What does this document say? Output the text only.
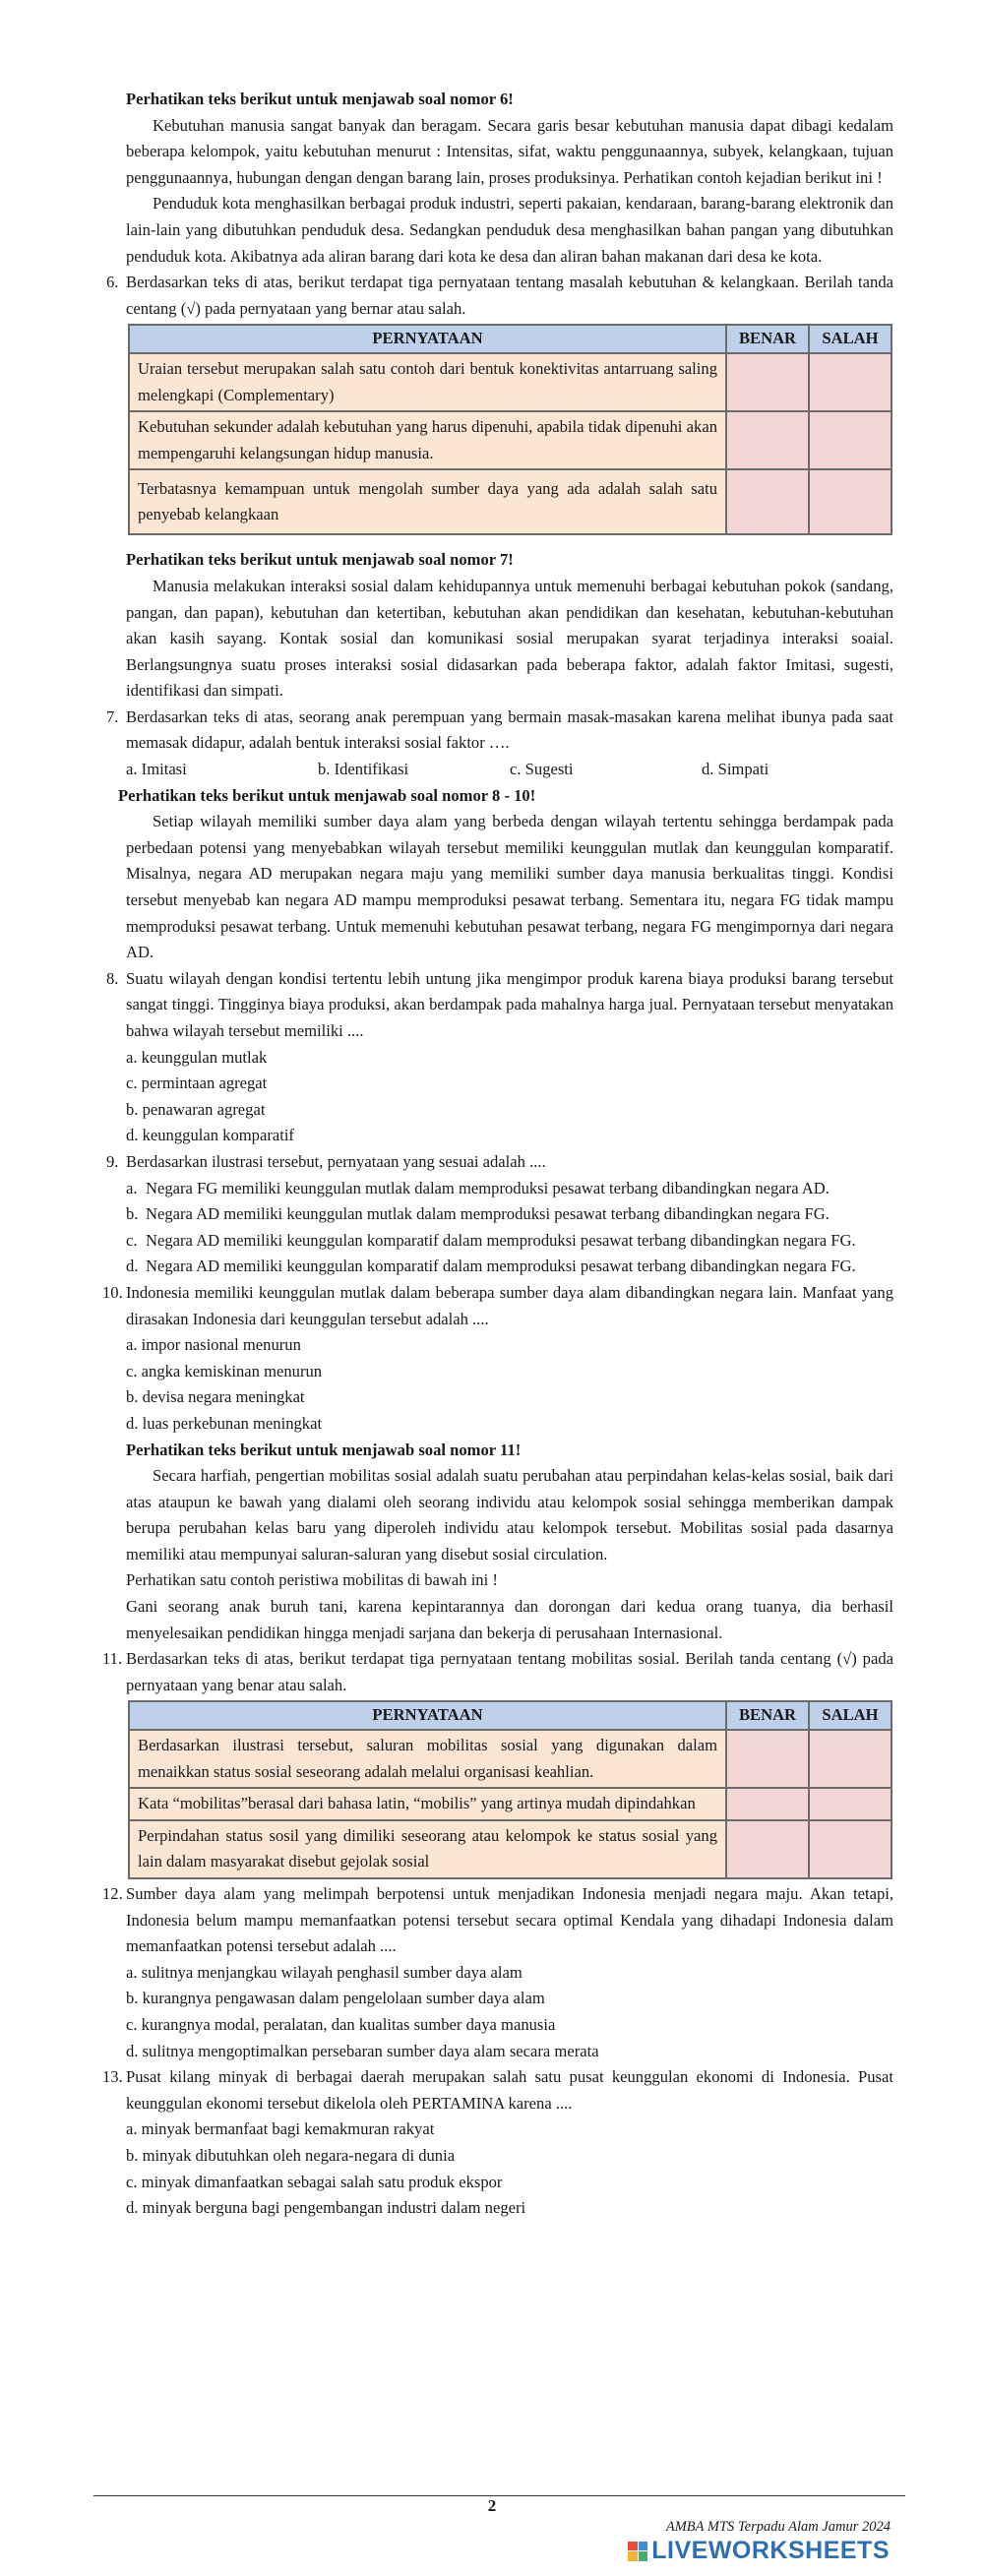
Perhatikan teks berikut untuk menjawab soal nomor 6!
Kebutuhan manusia sangat banyak dan beragam. Secara garis besar kebutuhan manusia dapat dibagi kedalam beberapa kelompok, yaitu kebutuhan menurut : Intensitas, sifat, waktu penggunaannya, subyek, kelangkaan, tujuan penggunaannya, hubungan dengan dengan barang lain, proses produksinya. Perhatikan contoh kejadian berikut ini !
Penduduk kota menghasilkan berbagai produk industri, seperti pakaian, kendaraan, barang-barang elektronik dan lain-lain yang dibutuhkan penduduk desa. Sedangkan penduduk desa menghasilkan bahan pangan yang dibutuhkan penduduk kota. Akibatnya ada aliran barang dari kota ke desa dan aliran bahan makanan dari desa ke kota.
6. Berdasarkan teks di atas, berikut terdapat tiga pernyataan tentang masalah kebutuhan & kelangkaan. Berilah tanda centang (√) pada pernyataan yang bernar atau salah.
PERNYATAAN	BENAR	SALAH
Uraian tersebut merupakan salah satu contoh dari bentuk konektivitas antarruang saling melengkapi (Complementary)		
Kebutuhan sekunder adalah kebutuhan yang harus dipenuhi, apabila tidak dipenuhi akan mempengaruhi kelangsungan hidup manusia.		
Terbatasnya kemampuan untuk mengolah sumber daya yang ada adalah salah satu penyebab kelangkaan		
Perhatikan teks berikut untuk menjawab soal nomor 7!
Manusia melakukan interaksi sosial dalam kehidupannya untuk memenuhi berbagai kebutuhan pokok (sandang, pangan, dan papan), kebutuhan dan ketertiban, kebutuhan akan pendidikan dan kesehatan, kebutuhan-kebutuhan akan kasih sayang. Kontak sosial dan komunikasi sosial merupakan syarat terjadinya interaksi soaial. Berlangsungnya suatu proses interaksi sosial didasarkan pada beberapa faktor, adalah faktor Imitasi, sugesti, identifikasi dan simpati.
7. Berdasarkan teks di atas, seorang anak perempuan yang bermain masak-masakan karena melihat ibunya pada saat memasak didapur, adalah bentuk interaksi sosial faktor ….
a. Imitasi	b. Identifikasi	c. Sugesti	d. Simpati
Perhatikan teks berikut untuk menjawab soal nomor 8 - 10!
Setiap wilayah memiliki sumber daya alam yang berbeda dengan wilayah tertentu sehingga berdampak pada perbedaan potensi yang menyebabkan wilayah tersebut memiliki keunggulan mutlak dan keunggulan komparatif. Misalnya, negara AD merupakan negara maju yang memiliki sumber daya manusia berkualitas tinggi. Kondisi tersebut menyebab kan negara AD mampu memproduksi pesawat terbang. Sementara itu, negara FG tidak mampu memproduksi pesawat terbang. Untuk memenuhi kebutuhan pesawat terbang, negara FG mengimpornya dari negara AD.
8. Suatu wilayah dengan kondisi tertentu lebih untung jika mengimpor produk karena biaya produksi barang tersebut sangat tinggi. Tingginya biaya produksi, akan berdampak pada mahalnya harga jual. Pernyataan tersebut menyatakan bahwa wilayah tersebut memiliki ....
a. keunggulan mutlak
c. permintaan agregat
b. penawaran agregat
d. keunggulan komparatif
9. Berdasarkan ilustrasi tersebut, pernyataan yang sesuai adalah ....
a. Negara FG memiliki keunggulan mutlak dalam memproduksi pesawat terbang dibandingkan negara AD.
b. Negara AD memiliki keunggulan mutlak dalam memproduksi pesawat terbang dibandingkan negara FG.
c. Negara AD memiliki keunggulan komparatif dalam memproduksi pesawat terbang dibandingkan negara FG.
d. Negara AD memiliki keunggulan komparatif dalam memproduksi pesawat terbang dibandingkan negara FG.
10. Indonesia memiliki keunggulan mutlak dalam beberapa sumber daya alam dibandingkan negara lain. Manfaat yang dirasakan Indonesia dari keunggulan tersebut adalah ....
a. impor nasional menurun
c. angka kemiskinan menurun
b. devisa negara meningkat
d. luas perkebunan meningkat
Perhatikan teks berikut untuk menjawab soal nomor 11!
Secara harfiah, pengertian mobilitas sosial adalah suatu perubahan atau perpindahan kelas-kelas sosial, baik dari atas ataupun ke bawah yang dialami oleh seorang individu atau kelompok sosial sehingga memberikan dampak berupa perubahan kelas baru yang diperoleh individu atau kelompok tersebut. Mobilitas sosial pada dasarnya memiliki atau mempunyai saluran-saluran yang disebut sosial circulation.
Perhatikan satu contoh peristiwa mobilitas di bawah ini !
Gani seorang anak buruh tani, karena kepintarannya dan dorongan dari kedua orang tuanya, dia berhasil menyelesaikan pendidikan hingga menjadi sarjana dan bekerja di perusahaan Internasional.
11. Berdasarkan teks di atas, berikut terdapat tiga pernyataan tentang mobilitas sosial. Berilah tanda centang (√) pada pernyataan yang benar atau salah.
PERNYATAAN	BENAR	SALAH
Berdasarkan ilustrasi tersebut, saluran mobilitas sosial yang digunakan dalam menaikkan status sosial seseorang adalah melalui organisasi keahlian.		
Kata “mobilitas”berasal dari bahasa latin, “mobilis” yang artinya mudah dipindahkan		
Perpindahan status sosil yang dimiliki seseorang atau kelompok ke status sosial yang lain dalam masyarakat disebut gejolak sosial		
12. Sumber daya alam yang melimpah berpotensi untuk menjadikan Indonesia menjadi negara maju. Akan tetapi, Indonesia belum mampu memanfaatkan potensi tersebut secara optimal Kendala yang dihadapi Indonesia dalam memanfaatkan potensi tersebut adalah ....
a. sulitnya menjangkau wilayah penghasil sumber daya alam
b. kurangnya pengawasan dalam pengelolaan sumber daya alam
c. kurangnya modal, peralatan, dan kualitas sumber daya manusia
d. sulitnya mengoptimalkan persebaran sumber daya alam secara merata
13. Pusat kilang minyak di berbagai daerah merupakan salah satu pusat keunggulan ekonomi di Indonesia. Pusat keunggulan ekonomi tersebut dikelola oleh PERTAMINA karena ....
a. minyak bermanfaat bagi kemakmuran rakyat
b. minyak dibutuhkan oleh negara-negara di dunia
c. minyak dimanfaatkan sebagai salah satu produk ekspor
d. minyak berguna bagi pengembangan industri dalam negeri
2
AMBA MTS Terpadu Alam Jamur 2024
LIVEWORKSHEETS
